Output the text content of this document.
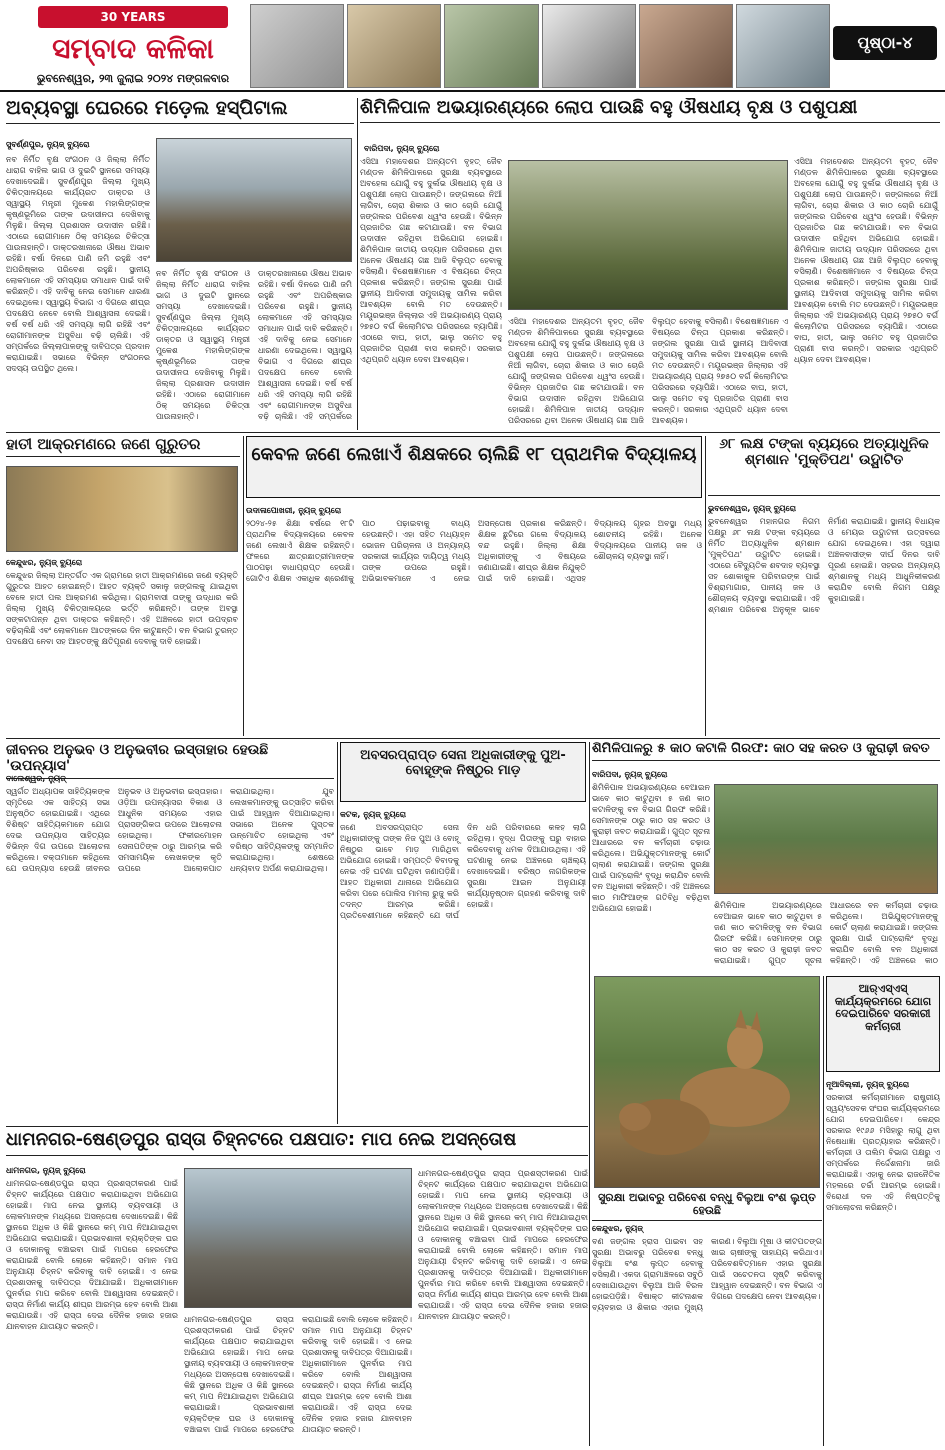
30 YEARS
ସମ୍ବାଦ କଳିକା
ଭୁବନେଶ୍ୱର, ୨୩ ଜୁଲାଇ ୨୦୨୪ ମଙ୍ଗଳବାର
ପୃଷ୍ଠା-୪
ଅବ୍ୟବସ୍ଥା ଘେରରେ ମଡ଼େଲ ହସ୍ପିଟାଲ
ସୁବର୍ଣ୍ଣପୁର, ନ୍ୟୁଜ୍ ବ୍ୟୁରୋ
ନବ ନିର୍ମିତ ବୃକ୍ଷ ସଂଗଠନ ଓ ଜିଲ୍ଲା ନିର୍ମିତ ଧାରାଗ ବାହିଲ ଭାଗ ଓ ଦୁଇଟି ସ୍ଥାନରେ ସମସ୍ୟା ଦେଖାଦେଇଛି। ସୁବର୍ଣ୍ଣପୁର ଜିଲ୍ଲା ମୁଖ୍ୟ ଚିକିତ୍ସାଳୟରେ କାର୍ଯ୍ୟରତ ଡାକ୍ତର ଓ ସ୍ୱାସ୍ଥ୍ୟ ମନ୍ତ୍ରୀ ମୁକେଶ ମହାଲିଙ୍ଗଙ୍କ କୃଷ୍ଣଭୂମିରେ ତାଙ୍କ ଉଦାସୀନତା ଦେଖିବାକୁ ମିଳୁଛି। ଜିଲ୍ଲା ପ୍ରଶାସନ ଉଦାସୀନ ରହିଛି। ଏଠାରେ ରୋଗୀମାନେ ଠିକ୍ ସମୟରେ ଚିକିତ୍ସା ପାଉନାହାନ୍ତି। ଡାକ୍ତରଖାନାରେ ଔଷଧ ଅଭାବ ରହିଛି। ବର୍ଷା ଦିନରେ ପାଣି ଜମି ରହୁଛି ଏବଂ ଅପରିଷ୍କାର ପରିବେଶ ରହୁଛି। ସ୍ଥାନୀୟ ଲୋକମାନେ ଏହି ସମସ୍ୟାର ସମାଧାନ ପାଇଁ ଦାବି କରିଛନ୍ତି। ଏହି ଦାବିକୁ ନେଇ ସେମାନେ ଧାରଣା ଦେଇଥିଲେ। ସ୍ୱାସ୍ଥ୍ୟ ବିଭାଗ ଏ ଦିଗରେ ଶୀଘ୍ର ପଦକ୍ଷେପ ନେବେ ବୋଲି ଆଶ୍ୱାସନା ଦେଇଛି। ବର୍ଷ ବର୍ଷ ଧରି ଏହି ସମସ୍ୟା ଲାଗି ରହିଛି ଏବଂ ରୋଗୀମାନଙ୍କ ଅସୁବିଧା ବଢ଼ି ଚାଲିଛି। ଏହି ସମ୍ପର୍କରେ ଜିଲ୍ଲାପାଳଙ୍କୁ ଦାବିପତ୍ର ପ୍ରଦାନ କରାଯାଇଛି। ସଭାରେ ବିଭିନ୍ନ ସଂଗଠନର ସଦସ୍ୟ ଉପସ୍ଥିତ ଥିଲେ।
ନବ ନିର୍ମିତ ବୃକ୍ଷ ସଂଗଠନ ଓ ଜିଲ୍ଲା ନିର୍ମିତ ଧାରାଗ ବାହିଲ ଭାଗ ଓ ଦୁଇଟି ସ୍ଥାନରେ ସମସ୍ୟା ଦେଖାଦେଇଛି। ସୁବର୍ଣ୍ଣପୁର ଜିଲ୍ଲା ମୁଖ୍ୟ ଚିକିତ୍ସାଳୟରେ କାର୍ଯ୍ୟରତ ଡାକ୍ତର ଓ ସ୍ୱାସ୍ଥ୍ୟ ମନ୍ତ୍ରୀ ମୁକେଶ ମହାଲିଙ୍ଗଙ୍କ କୃଷ୍ଣଭୂମିରେ ତାଙ୍କ ଉଦାସୀନତା ଦେଖିବାକୁ ମିଳୁଛି। ଜିଲ୍ଲା ପ୍ରଶାସନ ଉଦାସୀନ ରହିଛି। ଏଠାରେ ରୋଗୀମାନେ ଠିକ୍ ସମୟରେ ଚିକିତ୍ସା ପାଉନାହାନ୍ତି। ଡାକ୍ତରଖାନାରେ ଔଷଧ ଅଭାବ ରହିଛି। ବର୍ଷା ଦିନରେ ପାଣି ଜମି ରହୁଛି ଏବଂ ଅପରିଷ୍କାର ପରିବେଶ ରହୁଛି। ସ୍ଥାନୀୟ ଲୋକମାନେ ଏହି ସମସ୍ୟାର ସମାଧାନ ପାଇଁ ଦାବି କରିଛନ୍ତି। ଏହି ଦାବିକୁ ନେଇ ସେମାନେ ଧାରଣା ଦେଇଥିଲେ। ସ୍ୱାସ୍ଥ୍ୟ ବିଭାଗ ଏ ଦିଗରେ ଶୀଘ୍ର ପଦକ୍ଷେପ ନେବେ ବୋଲି ଆଶ୍ୱାସନା ଦେଇଛି। ବର୍ଷ ବର୍ଷ ଧରି ଏହି ସମସ୍ୟା ଲାଗି ରହିଛି ଏବଂ ରୋଗୀମାନଙ୍କ ଅସୁବିଧା ବଢ଼ି ଚାଲିଛି। ଏହି ସମ୍ପର୍କରେ
ଶିମିଳିପାଳ ଅଭୟାରଣ୍ୟରେ ଲୋପ ପାଉଛି ବହୁ ଔଷଧୀୟ ବୃକ୍ଷ ଓ ପଶୁପକ୍ଷୀ
ବାରିପଦା, ନ୍ୟୁଜ୍ ବ୍ୟୁରୋ
ଏସିଆ ମହାଦେଶର ଅନ୍ୟତମ ବୃହତ୍ ଜୈବ ମଣ୍ଡଳ ଶିମିଳିପାଳରେ ସୁରକ୍ଷା ବ୍ୟବସ୍ଥାରେ ଅବହେଳା ଯୋଗୁଁ ବହୁ ଦୁର୍ଲଭ ଔଷଧୀୟ ବୃକ୍ଷ ଓ ପଶୁପକ୍ଷୀ ଲୋପ ପାଉଛନ୍ତି। ଜଙ୍ଗଲରେ ନିଆଁ ଲାଗିବା, ଚୋରା ଶିକାର ଓ କାଠ ଚୋରି ଯୋଗୁଁ ଜଙ୍ଗଲର ପରିବେଶ ଧ୍ୱଂସ ହେଉଛି। ବିଭିନ୍ନ ପ୍ରଜାତିର ଗଛ କଟାଯାଉଛି। ବନ ବିଭାଗ ଉଦାସୀନ ରହିଥିବା ଅଭିଯୋଗ ହୋଇଛି। ଶିମିଳିପାଳ ଜାତୀୟ ଉଦ୍ୟାନ ପରିସରରେ ଥିବା ଅନେକ ଔଷଧୀୟ ଗଛ ଆଜି ବିଲୁପ୍ତ ହେବାକୁ ବସିଲାଣି। ବିଶେଷଜ୍ଞମାନେ ଏ ବିଷୟରେ ଚିନ୍ତା ପ୍ରକାଶ କରିଛନ୍ତି। ଜଙ୍ଗଲ ସୁରକ୍ଷା ପାଇଁ ସ୍ଥାନୀୟ ଆଦିବାସୀ ସମୁଦାୟକୁ ସାମିଲ କରିବା ଆବଶ୍ୟକ ବୋଲି ମତ ଦେଉଛନ୍ତି। ମୟୂରଭଞ୍ଜ ଜିଲ୍ଲାର ଏହି ଅଭୟାରଣ୍ୟ ପ୍ରାୟ ୨୭୫୦ ବର୍ଗ କିଲୋମିଟର ପରିସରରେ ବ୍ୟାପିଛି। ଏଠାରେ ବାଘ, ହାତୀ, ଭାଲୁ ସମେତ ବହୁ ପ୍ରଜାତିର ପ୍ରାଣୀ ବାସ କରନ୍ତି। ସରକାର ଏଥିପ୍ରତି ଧ୍ୟାନ ଦେବା ଆବଶ୍ୟକ।
ଏସିଆ ମହାଦେଶର ଅନ୍ୟତମ ବୃହତ୍ ଜୈବ ମଣ୍ଡଳ ଶିମିଳିପାଳରେ ସୁରକ୍ଷା ବ୍ୟବସ୍ଥାରେ ଅବହେଳା ଯୋଗୁଁ ବହୁ ଦୁର୍ଲଭ ଔଷଧୀୟ ବୃକ୍ଷ ଓ ପଶୁପକ୍ଷୀ ଲୋପ ପାଉଛନ୍ତି। ଜଙ୍ଗଲରେ ନିଆଁ ଲାଗିବା, ଚୋରା ଶିକାର ଓ କାଠ ଚୋରି ଯୋଗୁଁ ଜଙ୍ଗଲର ପରିବେଶ ଧ୍ୱଂସ ହେଉଛି। ବିଭିନ୍ନ ପ୍ରଜାତିର ଗଛ କଟାଯାଉଛି। ବନ ବିଭାଗ ଉଦାସୀନ ରହିଥିବା ଅଭିଯୋଗ ହୋଇଛି। ଶିମିଳିପାଳ ଜାତୀୟ ଉଦ୍ୟାନ ପରିସରରେ ଥିବା ଅନେକ ଔଷଧୀୟ ଗଛ ଆଜି ବିଲୁପ୍ତ ହେବାକୁ ବସିଲାଣି। ବିଶେଷଜ୍ଞମାନେ ଏ ବିଷୟରେ ଚିନ୍ତା ପ୍ରକାଶ କରିଛନ୍ତି। ଜଙ୍ଗଲ ସୁରକ୍ଷା ପାଇଁ ସ୍ଥାନୀୟ ଆଦିବାସୀ ସମୁଦାୟକୁ ସାମିଲ କରିବା ଆବଶ୍ୟକ ବୋଲି ମତ ଦେଉଛନ୍ତି। ମୟୂରଭଞ୍ଜ ଜିଲ୍ଲାର ଏହି ଅଭୟାରଣ୍ୟ ପ୍ରାୟ ୨୭୫୦ ବର୍ଗ କିଲୋମିଟର ପରିସରରେ ବ୍ୟାପିଛି। ଏଠାରେ ବାଘ, ହାତୀ, ଭାଲୁ ସମେତ ବହୁ ପ୍ରଜାତିର ପ୍ରାଣୀ ବାସ କରନ୍ତି। ସରକାର ଏଥିପ୍ରତି ଧ୍ୟାନ ଦେବା ଆବଶ୍ୟକ।
ଏସିଆ ମହାଦେଶର ଅନ୍ୟତମ ବୃହତ୍ ଜୈବ ମଣ୍ଡଳ ଶିମିଳିପାଳରେ ସୁରକ୍ଷା ବ୍ୟବସ୍ଥାରେ ଅବହେଳା ଯୋଗୁଁ ବହୁ ଦୁର୍ଲଭ ଔଷଧୀୟ ବୃକ୍ଷ ଓ ପଶୁପକ୍ଷୀ ଲୋପ ପାଉଛନ୍ତି। ଜଙ୍ଗଲରେ ନିଆଁ ଲାଗିବା, ଚୋରା ଶିକାର ଓ କାଠ ଚୋରି ଯୋଗୁଁ ଜଙ୍ଗଲର ପରିବେଶ ଧ୍ୱଂସ ହେଉଛି। ବିଭିନ୍ନ ପ୍ରଜାତିର ଗଛ କଟାଯାଉଛି। ବନ ବିଭାଗ ଉଦାସୀନ ରହିଥିବା ଅଭିଯୋଗ ହୋଇଛି। ଶିମିଳିପାଳ ଜାତୀୟ ଉଦ୍ୟାନ ପରିସରରେ ଥିବା ଅନେକ ଔଷଧୀୟ ଗଛ ଆଜି ବିଲୁପ୍ତ ହେବାକୁ ବସିଲାଣି। ବିଶେଷଜ୍ଞମାନେ ଏ ବିଷୟରେ ଚିନ୍ତା ପ୍ରକାଶ କରିଛନ୍ତି। ଜଙ୍ଗଲ ସୁରକ୍ଷା ପାଇଁ ସ୍ଥାନୀୟ ଆଦିବାସୀ ସମୁଦାୟକୁ ସାମିଲ କରିବା ଆବଶ୍ୟକ ବୋଲି ମତ ଦେଉଛନ୍ତି। ମୟୂରଭଞ୍ଜ ଜିଲ୍ଲାର ଏହି ଅଭୟାରଣ୍ୟ ପ୍ରାୟ ୨୭୫୦ ବର୍ଗ କିଲୋମିଟର ପରିସରରେ ବ୍ୟାପିଛି। ଏଠାରେ ବାଘ, ହାତୀ, ଭାଲୁ ସମେତ ବହୁ ପ୍ରଜାତିର ପ୍ରାଣୀ ବାସ କରନ୍ତି। ସରକାର ଏଥିପ୍ରତି ଧ୍ୟାନ ଦେବା ଆବଶ୍ୟକ।
ହାତୀ ଆକ୍ରମଣରେ ଜଣେ ଗୁରୁତର
କେନ୍ଦୁଝର, ନ୍ୟୁଜ୍ ବ୍ୟୁରୋ
କେନ୍ଦୁଝର ଜିଲ୍ଲା ଅନ୍ତର୍ଗତ ଏକ ଗ୍ରାମରେ ହାତୀ ଆକ୍ରମଣରେ ଜଣେ ବ୍ୟକ୍ତି ଗୁରୁତର ଆହତ ହୋଇଛନ୍ତି। ଆହତ ବ୍ୟକ୍ତି ସକାଳୁ ଜଙ୍ଗଲକୁ ଯାଇଥିବା ବେଳେ ହାତୀ ପଲ ଆକ୍ରମଣ କରିଥିଲା। ଗ୍ରାମବାସୀ ତାଙ୍କୁ ଉଦ୍ଧାର କରି ଜିଲ୍ଲା ମୁଖ୍ୟ ଚିକିତ୍ସାଳୟରେ ଭର୍ତ୍ତି କରିଛନ୍ତି। ତାଙ୍କ ଅବସ୍ଥା ସଙ୍କଟାପନ୍ନ ଥିବା ଡାକ୍ତର କହିଛନ୍ତି। ଏହି ଅଞ୍ଚଳରେ ହାତୀ ଉପଦ୍ରବ ବଢ଼ିଚାଲିଛି ଏବଂ ଲୋକମାନେ ଆତଙ୍କରେ ଦିନ କାଟୁଛନ୍ତି। ବନ ବିଭାଗ ତୁରନ୍ତ ପଦକ୍ଷେପ ନେବା ସହ ଆହତଙ୍କୁ କ୍ଷତିପୂରଣ ଦେବାକୁ ଦାବି ହୋଇଛି।
କେବଳ ଜଣେ ଲେଖାଏଁ ଶିକ୍ଷକରେ ଚାଲିଛି ୧୮ ପ୍ରାଥମିକ ବିଦ୍ୟାଳୟ
ଉଦାଳାପୋଖରୀ, ନ୍ୟୁଜ୍ ବ୍ୟୁରୋ
୨୦୨୪-୨୫ ଶିକ୍ଷା ବର୍ଷରେ ୧୮ଟି ପ୍ରାଥମିକ ବିଦ୍ୟାଳୟରେ କେବଳ ଜଣେ ଲେଖାଏଁ ଶିକ୍ଷକ ରହିଛନ୍ତି। ଫଳରେ ଛାତ୍ରଛାତ୍ରୀମାନଙ୍କ ପାଠପଢ଼ା ବାଧାପ୍ରାପ୍ତ ହେଉଛି। ଗୋଟିଏ ଶିକ୍ଷକ ଏକାଧିକ ଶ୍ରେଣୀକୁ ପାଠ ପଢ଼ାଇବାକୁ ବାଧ୍ୟ ହେଉଛନ୍ତି। ଏହା ସହିତ ମଧ୍ୟାହ୍ନ ଭୋଜନ ପରିଚାଳନା ଓ ଅନ୍ୟାନ୍ୟ ସରକାରୀ କାର୍ଯ୍ୟର ଦାୟିତ୍ୱ ମଧ୍ୟ ତାଙ୍କ ଉପରେ ରହୁଛି। ଅଭିଭାବକମାନେ ଏ ନେଇ ଅସନ୍ତୋଷ ପ୍ରକାଶ କରିଛନ୍ତି। ଶିକ୍ଷକ ଛୁଟିରେ ଗଲେ ବିଦ୍ୟାଳୟ ବନ୍ଦ ରହୁଛି। ଜିଲ୍ଲା ଶିକ୍ଷା ଅଧିକାରୀଙ୍କୁ ଏ ବିଷୟରେ ଜଣାଯାଇଛି। ଶୀଘ୍ର ଶିକ୍ଷକ ନିଯୁକ୍ତି ପାଇଁ ଦାବି ହୋଇଛି। ଏଥିସହ ବିଦ୍ୟାଳୟ ଗୃହର ଅବସ୍ଥା ମଧ୍ୟ ଶୋଚନୀୟ ରହିଛି। ଅନେକ ବିଦ୍ୟାଳୟରେ ପାନୀୟ ଜଳ ଓ ଶୌଚାଳୟ ବ୍ୟବସ୍ଥା ନାହିଁ।
୬୮ ଲକ୍ଷ ଟଙ୍କା ବ୍ୟୟରେ ଅତ୍ୟାଧୁନିକ ଶ୍ମଶାନ 'ମୁକ୍ତିପଥ' ଉଦ୍ଘାଟିତ
ଭୁବନେଶ୍ୱର, ନ୍ୟୁଜ୍ ବ୍ୟୁରୋ
ଭୁବନେଶ୍ୱର ମହାନଗର ନିଗମ ପକ୍ଷରୁ ୬୮ ଲକ୍ଷ ଟଙ୍କା ବ୍ୟୟରେ ନିର୍ମିତ ଅତ୍ୟାଧୁନିକ ଶ୍ମଶାନ 'ମୁକ୍ତିପଥ' ଉଦ୍ଘାଟିତ ହୋଇଛି। ଏଠାରେ ବୈଦ୍ୟୁତିକ ଶବଦାହ ବ୍ୟବସ୍ଥା ସହ ଶୋକାକୁଳ ପରିବାରଙ୍କ ପାଇଁ ବିଶ୍ରାମାଗାର, ପାନୀୟ ଜଳ ଓ ଶୌଚାଳୟ ବ୍ୟବସ୍ଥା କରାଯାଇଛି। ଏହି ଶ୍ମଶାନ ପରିବେଶ ଅନୁକୂଳ ଭାବେ ନିର୍ମାଣ କରାଯାଇଛି। ସ୍ଥାନୀୟ ବିଧାୟକ ଓ ମେୟର ଉଦ୍ଘାଟନୀ ଉତ୍ସବରେ ଯୋଗ ଦେଇଥିଲେ। ଏହା ଦ୍ୱାରା ଅଞ୍ଚଳବାସୀଙ୍କ ଦୀର୍ଘ ଦିନର ଦାବି ପୂରଣ ହୋଇଛି। ସହରର ଅନ୍ୟାନ୍ୟ ଶ୍ମଶାନକୁ ମଧ୍ୟ ଆଧୁନିକୀକରଣ କରାଯିବ ବୋଲି ନିଗମ ପକ୍ଷରୁ କୁହାଯାଇଛି।
ଜୀବନର ଅନୁଭବ ଓ ଅନୁଭବୀର ଇସ୍ତାହାର ହେଉଛି 'ଉପନ୍ୟାସ'
ବାଲେଶ୍ୱର, ନ୍ୟୁଜ୍
ସ୍ୱର୍ଗତ ଅଧ୍ୟାପକ ସାହିତ୍ୟିକଙ୍କ ସ୍ମୃତିରେ ଏକ ସାହିତ୍ୟ ସଭା ଅନୁଷ୍ଠିତ ହୋଇଯାଇଛି। ଏଥିରେ ବିଶିଷ୍ଟ ସାହିତ୍ୟିକମାନେ ଯୋଗ ଦେଇ ଉପନ୍ୟାସ ସାହିତ୍ୟର ବିଭିନ୍ନ ଦିଗ ଉପରେ ଆଲୋଚନା କରିଥିଲେ। ବକ୍ତାମାନେ କହିଥିଲେ ଯେ ଉପନ୍ୟାସ ହେଉଛି ଜୀବନର ଅନୁଭବ ଓ ଅନୁଭବୀର ଇସ୍ତାହାର। ଓଡ଼ିଆ ଉପନ୍ୟାସର ବିକାଶ ଓ ଆଧୁନିକ ସମୟରେ ଏହାର ପ୍ରାସଙ୍ଗିକତା ଉପରେ ଆଲୋଚନା ହୋଇଥିଲା। ଫକୀରମୋହନ ସେନାପତିଙ୍କ ଠାରୁ ଆରମ୍ଭ କରି ସମସାମୟିକ ଲେଖକଙ୍କ କୃତି ଉପରେ ଆଲୋକପାତ କରାଯାଇଥିଲା। ଯୁବ ଲେଖକମାନଙ୍କୁ ଉତ୍ସାହିତ କରିବା ପାଇଁ ଆହ୍ୱାନ ଦିଆଯାଇଥିଲା। ସଭାରେ ଅନେକ ପୁସ୍ତକ ଉନ୍ମୋଚିତ ହୋଇଥିଲା ଏବଂ ବରିଷ୍ଠ ସାହିତ୍ୟିକଙ୍କୁ ସମ୍ମାନିତ କରାଯାଇଥିଲା। ଶେଷରେ ଧନ୍ୟବାଦ ଅର୍ପଣ କରାଯାଇଥିଲା।
ଅବସରପ୍ରାପ୍ତ ସେନା ଅଧିକାରୀଙ୍କୁ ପୁଅ-ବୋହୂଙ୍କ ନିଷ୍ଠୁର ମାଡ଼
କଟକ, ନ୍ୟୁଜ୍ ବ୍ୟୁରୋ
ଜଣେ ଅବସରପ୍ରାପ୍ତ ସେନା ଅଧିକାରୀଙ୍କୁ ତାଙ୍କ ନିଜ ପୁଅ ଓ ବୋହୂ ନିଷ୍ଠୁର ଭାବେ ମାଡ଼ ମାରିଥିବା ଅଭିଯୋଗ ହୋଇଛି। ସମ୍ପତ୍ତି ବିବାଦକୁ ନେଇ ଏହି ଘଟଣା ଘଟିଥିବା ଜଣାପଡ଼ିଛି। ଆହତ ଅଧିକାରୀ ଥାନାରେ ଅଭିଯୋଗ କରିବା ପରେ ପୋଲିସ ମାମଲା ରୁଜୁ କରି ତଦନ୍ତ ଆରମ୍ଭ କରିଛି। ପ୍ରତିବେଶୀମାନେ କହିଛନ୍ତି ଯେ ଦୀର୍ଘ ଦିନ ଧରି ପରିବାରରେ କଳହ ଲାଗି ରହିଥିଲା। ବୃଦ୍ଧ ପିତାଙ୍କୁ ଘରୁ ବାହାର କରିଦେବାକୁ ଧମକ ଦିଆଯାଉଥିଲା। ଏହି ଘଟଣାକୁ ନେଇ ଅଞ୍ଚଳରେ ଚାଞ୍ଚଲ୍ୟ ଦେଖାଦେଇଛି। ବରିଷ୍ଠ ନାଗରିକଙ୍କ ସୁରକ୍ଷା ଆଇନ ଅନୁଯାୟୀ କାର୍ଯ୍ୟାନୁଷ୍ଠାନ ଗ୍ରହଣ କରିବାକୁ ଦାବି ହୋଇଛି।
ଶିମିଳିପାଳରୁ ୫ କାଠ କଟାଳି ଗିରଫ: କାଠ ସହ କରତ ଓ କୁରାଢ଼ୀ ଜବତ
ବାରିପଦା, ନ୍ୟୁଜ୍ ବ୍ୟୁରୋ
ଶିମିଳିପାଳ ଅଭୟାରଣ୍ୟରେ ବେଆଇନ ଭାବେ କାଠ କାଟୁଥିବା ୫ ଜଣ କାଠ କଟାଳିଙ୍କୁ ବନ ବିଭାଗ ଗିରଫ କରିଛି। ସେମାନଙ୍କ ଠାରୁ କାଠ ସହ କରତ ଓ କୁରାଢ଼ୀ ଜବତ କରାଯାଇଛି। ଗୁପ୍ତ ସୂଚନା ଆଧାରରେ ବନ କର୍ମଚାରୀ ଚଢ଼ାଉ କରିଥିଲେ। ଅଭିଯୁକ୍ତମାନଙ୍କୁ କୋର୍ଟ ଚାଲାଣ କରାଯାଇଛି। ଜଙ୍ଗଲ ସୁରକ୍ଷା ପାଇଁ ପାଟ୍ରୋଲିଂ ବୃଦ୍ଧି କରାଯିବ ବୋଲି ବନ ଅଧିକାରୀ କହିଛନ୍ତି। ଏହି ଅଞ୍ଚଳରେ କାଠ ମାଫିଆଙ୍କ ଗତିବିଧି ବଢ଼ିଥିବା ଅଭିଯୋଗ ହୋଇଛି।	ଶିମିଳିପାଳ ଅଭୟାରଣ୍ୟରେ ବେଆଇନ ଭାବେ କାଠ କାଟୁଥିବା ୫ ଜଣ କାଠ କଟାଳିଙ୍କୁ ବନ ବିଭାଗ ଗିରଫ କରିଛି। ସେମାନଙ୍କ ଠାରୁ କାଠ ସହ କରତ ଓ କୁରାଢ଼ୀ ଜବତ କରାଯାଇଛି। ଗୁପ୍ତ ସୂଚନା ଆଧାରରେ ବନ କର୍ମଚାରୀ ଚଢ଼ାଉ କରିଥିଲେ। ଅଭିଯୁକ୍ତମାନଙ୍କୁ କୋର୍ଟ ଚାଲାଣ କରାଯାଇଛି। ଜଙ୍ଗଲ ସୁରକ୍ଷା ପାଇଁ ପାଟ୍ରୋଲିଂ ବୃଦ୍ଧି କରାଯିବ ବୋଲି ବନ ଅଧିକାରୀ କହିଛନ୍ତି। ଏହି ଅଞ୍ଚଳରେ କାଠ
ଆର୍‌ଏସ୍‌ଏସ୍ କାର୍ଯ୍ୟକ୍ରମରେ ଯୋଗ ଦେଇପାରିବେ ସରକାରୀ କର୍ମଚାରୀ
ନୂଆଦିଲ୍ଲୀ, ନ୍ୟୁଜ୍ ବ୍ୟୁରୋ
ସରକାରୀ କର୍ମଚାରୀମାନେ ରାଷ୍ଟ୍ରୀୟ ସ୍ୱୟଂସେବକ ସଂଘର କାର୍ଯ୍ୟକ୍ରମରେ ଯୋଗ ଦେଇପାରିବେ। କେନ୍ଦ୍ର ସରକାର ୧୯୬୬ ମସିହାରୁ ଲାଗୁ ଥିବା ନିଷେଧାଜ୍ଞା ପ୍ରତ୍ୟାହାର କରିଛନ୍ତି। କର୍ମଚାରୀ ଓ ତାଲିମ ବିଭାଗ ପକ୍ଷରୁ ଏ ସମ୍ପର୍କରେ ନିର୍ଦ୍ଦେଶନାମା ଜାରି କରାଯାଇଛି। ଏହାକୁ ନେଇ ରାଜନୈତିକ ମହଲରେ ଚର୍ଚ୍ଚା ଆରମ୍ଭ ହୋଇଛି। ବିରୋଧୀ ଦଳ ଏହି ନିଷ୍ପତ୍ତିକୁ ସମାଲୋଚନା କରିଛନ୍ତି।
ଧାମନଗର-ଷେଣ୍ଡପୁର ରାସ୍ତା ଚିହ୍ନଟରେ ପକ୍ଷପାତ: ମାପ ନେଇ ଅସନ୍ତୋଷ
ଧାମନଗର, ନ୍ୟୁଜ୍ ବ୍ୟୁରୋ
ଧାମନଗର-ଷେଣ୍ଡପୁର ରାସ୍ତା ପ୍ରଶସ୍ତୀକରଣ ପାଇଁ ଚିହ୍ନଟ କାର୍ଯ୍ୟରେ ପକ୍ଷପାତ କରାଯାଇଥିବା ଅଭିଯୋଗ ହୋଇଛି। ମାପ ନେଇ ସ୍ଥାନୀୟ ବ୍ୟବସାୟୀ ଓ ଲୋକମାନଙ୍କ ମଧ୍ୟରେ ଅସନ୍ତୋଷ ଦେଖାଦେଇଛି। କିଛି ସ୍ଥାନରେ ଅଧିକ ଓ କିଛି ସ୍ଥାନରେ କମ୍ ମାପ ନିଆଯାଇଥିବା ଅଭିଯୋଗ କରାଯାଇଛି। ପ୍ରଭାବଶାଳୀ ବ୍ୟକ୍ତିଙ୍କ ଘର ଓ ଦୋକାନକୁ ବଞ୍ଚାଇବା ପାଇଁ ମାପରେ ହେରଫେର କରାଯାଇଛି ବୋଲି ଲୋକେ କହିଛନ୍ତି। ସମାନ ମାପ ଅନୁଯାୟୀ ଚିହ୍ନଟ କରିବାକୁ ଦାବି ହୋଇଛି। ଏ ନେଇ ପ୍ରଶାସନକୁ ଦାବିପତ୍ର ଦିଆଯାଇଛି। ଅଧିକାରୀମାନେ ପୁନର୍ବାର ମାପ କରିବେ ବୋଲି ଆଶ୍ୱାସନା ଦେଇଛନ୍ତି। ରାସ୍ତା ନିର୍ମାଣ କାର୍ଯ୍ୟ ଶୀଘ୍ର ଆରମ୍ଭ ହେବ ବୋଲି ଆଶା କରାଯାଉଛି। ଏହି ରାସ୍ତା ଦେଇ ଦୈନିକ ହଜାର ହଜାର ଯାନବାହନ ଯାତାୟାତ କରନ୍ତି।
ଧାମନଗର-ଷେଣ୍ଡପୁର ରାସ୍ତା ପ୍ରଶସ୍ତୀକରଣ ପାଇଁ ଚିହ୍ନଟ କାର୍ଯ୍ୟରେ ପକ୍ଷପାତ କରାଯାଇଥିବା ଅଭିଯୋଗ ହୋଇଛି। ମାପ ନେଇ ସ୍ଥାନୀୟ ବ୍ୟବସାୟୀ ଓ ଲୋକମାନଙ୍କ ମଧ୍ୟରେ ଅସନ୍ତୋଷ ଦେଖାଦେଇଛି। କିଛି ସ୍ଥାନରେ ଅଧିକ ଓ କିଛି ସ୍ଥାନରେ କମ୍ ମାପ ନିଆଯାଇଥିବା ଅଭିଯୋଗ କରାଯାଇଛି। ପ୍ରଭାବଶାଳୀ ବ୍ୟକ୍ତିଙ୍କ ଘର ଓ ଦୋକାନକୁ ବଞ୍ଚାଇବା ପାଇଁ ମାପରେ ହେରଫେର କରାଯାଇଛି ବୋଲି ଲୋକେ କହିଛନ୍ତି। ସମାନ ମାପ ଅନୁଯାୟୀ ଚିହ୍ନଟ କରିବାକୁ ଦାବି ହୋଇଛି। ଏ ନେଇ ପ୍ରଶାସନକୁ ଦାବିପତ୍ର ଦିଆଯାଇଛି। ଅଧିକାରୀମାନେ ପୁନର୍ବାର ମାପ କରିବେ ବୋଲି ଆଶ୍ୱାସନା ଦେଇଛନ୍ତି। ରାସ୍ତା ନିର୍ମାଣ କାର୍ଯ୍ୟ ଶୀଘ୍ର ଆରମ୍ଭ ହେବ ବୋଲି ଆଶା କରାଯାଉଛି। ଏହି ରାସ୍ତା ଦେଇ ଦୈନିକ ହଜାର ହଜାର ଯାନବାହନ ଯାତାୟାତ କରନ୍ତି।
ଧାମନଗର-ଷେଣ୍ଡପୁର ରାସ୍ତା ପ୍ରଶସ୍ତୀକରଣ ପାଇଁ ଚିହ୍ନଟ କାର୍ଯ୍ୟରେ ପକ୍ଷପାତ କରାଯାଇଥିବା ଅଭିଯୋଗ ହୋଇଛି। ମାପ ନେଇ ସ୍ଥାନୀୟ ବ୍ୟବସାୟୀ ଓ ଲୋକମାନଙ୍କ ମଧ୍ୟରେ ଅସନ୍ତୋଷ ଦେଖାଦେଇଛି। କିଛି ସ୍ଥାନରେ ଅଧିକ ଓ କିଛି ସ୍ଥାନରେ କମ୍ ମାପ ନିଆଯାଇଥିବା ଅଭିଯୋଗ କରାଯାଇଛି। ପ୍ରଭାବଶାଳୀ ବ୍ୟକ୍ତିଙ୍କ ଘର ଓ ଦୋକାନକୁ ବଞ୍ଚାଇବା ପାଇଁ ମାପରେ ହେରଫେର କରାଯାଇଛି ବୋଲି ଲୋକେ କହିଛନ୍ତି। ସମାନ ମାପ ଅନୁଯାୟୀ ଚିହ୍ନଟ କରିବାକୁ ଦାବି ହୋଇଛି। ଏ ନେଇ ପ୍ରଶାସନକୁ ଦାବିପତ୍ର ଦିଆଯାଇଛି। ଅଧିକାରୀମାନେ ପୁନର୍ବାର ମାପ କରିବେ ବୋଲି ଆଶ୍ୱାସନା ଦେଇଛନ୍ତି। ରାସ୍ତା ନିର୍ମାଣ କାର୍ଯ୍ୟ ଶୀଘ୍ର ଆରମ୍ଭ ହେବ ବୋଲି ଆଶା କରାଯାଉଛି। ଏହି ରାସ୍ତା ଦେଇ ଦୈନିକ ହଜାର ହଜାର ଯାନବାହନ ଯାତାୟାତ କରନ୍ତି।
ସୁରକ୍ଷା ଅଭାବରୁ ପରିବେଶ ବନ୍ଧୁ ବିଲୁଆ ବଂଶ ଲୁପ୍ତ ହେଉଛି
କେନ୍ଦୁଝର, ନ୍ୟୁଜ୍
ବଣ ଜଙ୍ଗଲ ହ୍ରାସ ପାଇବା ସହ ସୁରକ୍ଷା ଅଭାବରୁ ପରିବେଶ ବନ୍ଧୁ ବିଲୁଆ ବଂଶ ଲୁପ୍ତ ହେବାକୁ ବସିଲାଣି। ଏକଦା ଗ୍ରାମାଞ୍ଚଳରେ ସବୁଠି ଦେଖାଯାଉଥିବା ବିଲୁଆ ଆଜି ବିରଳ ହୋଇପଡ଼ିଛି। ବିଷାକ୍ତ କୀଟନାଶକ ବ୍ୟବହାର ଓ ଶିକାର ଏହାର ମୁଖ୍ୟ କାରଣ। ବିଲୁଆ ମୂଷା ଓ କୀଟପତଙ୍ଗ ଖାଇ ଚାଷୀଙ୍କୁ ସାହାଯ୍ୟ କରିଥାଏ। ପରିବେଶବିତ୍ମାନେ ଏହାର ସୁରକ୍ଷା ପାଇଁ ସଚେତନତା ସୃଷ୍ଟି କରିବାକୁ ଆହ୍ୱାନ ଦେଇଛନ୍ତି। ବନ ବିଭାଗ ଏ ଦିଗରେ ପଦକ୍ଷେପ ନେବା ଆବଶ୍ୟକ।
